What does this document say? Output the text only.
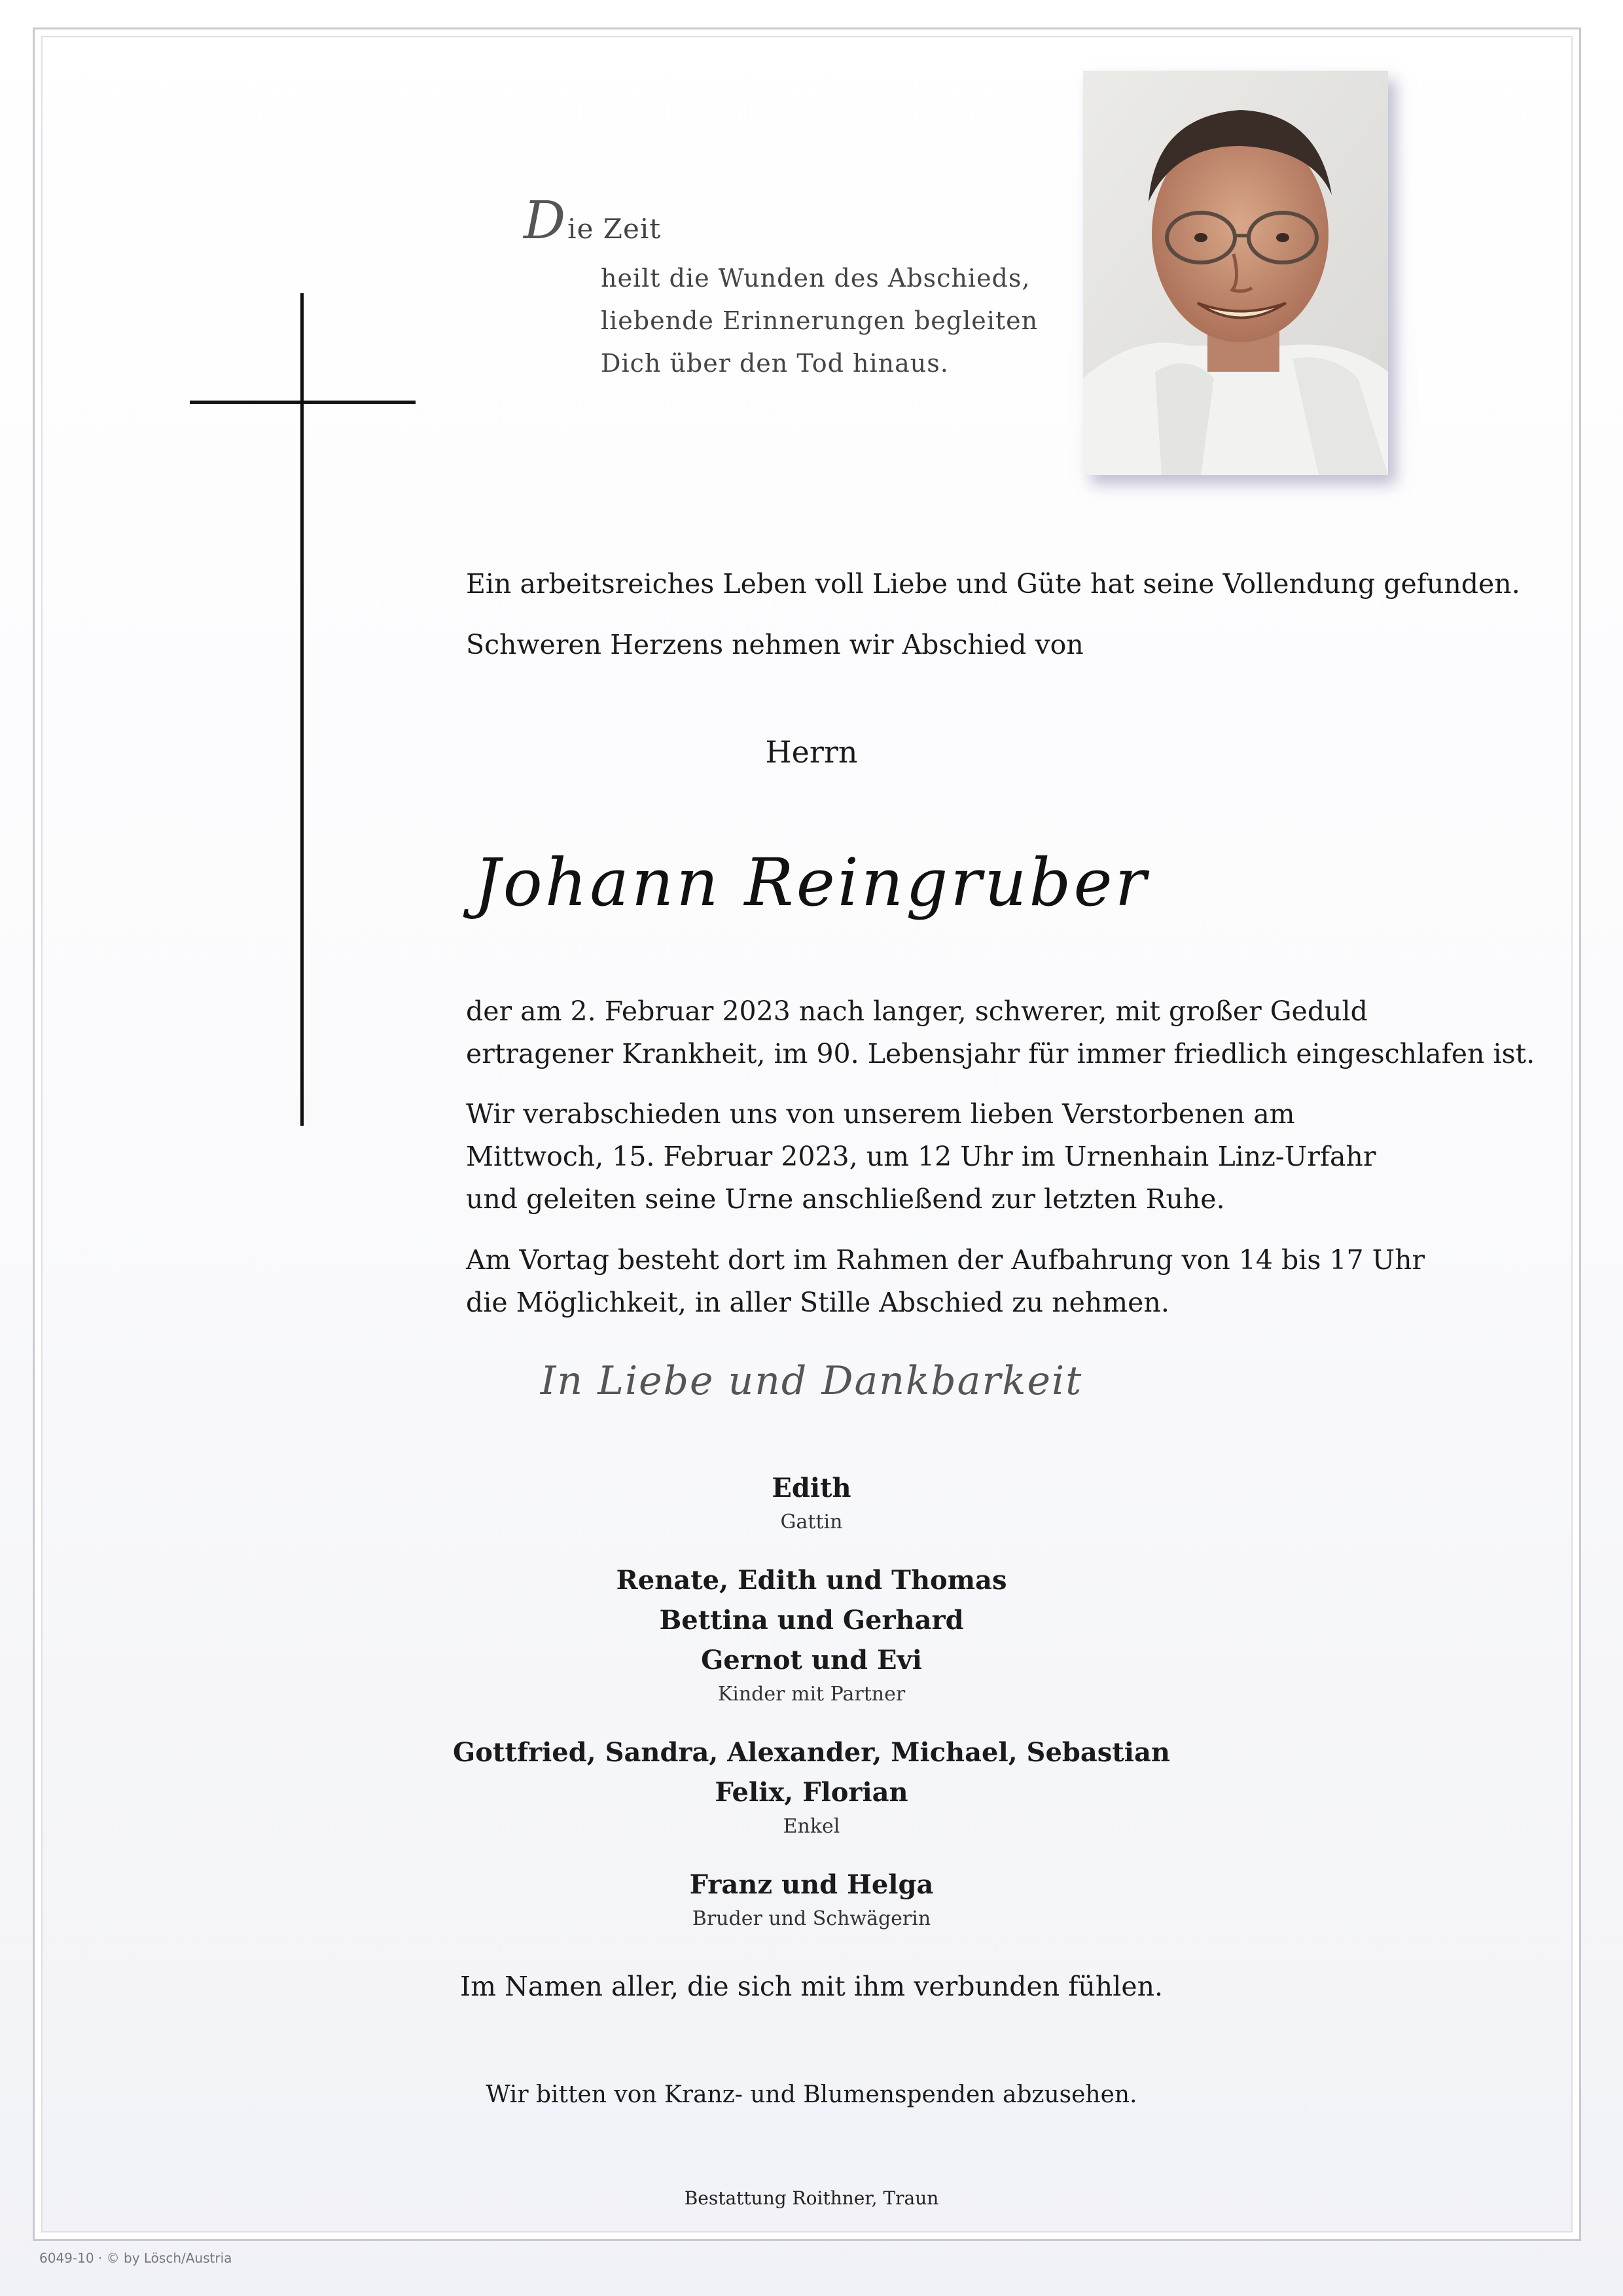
Die Zeit
heilt die Wunden des Abschieds,
liebende Erinnerungen begleiten
Dich über den Tod hinaus.
Ein arbeitsreiches Leben voll Liebe und Güte hat seine Vollendung gefunden.
Schweren Herzens nehmen wir Abschied von
Herrn
Johann Reingruber
der am 2. Februar 2023 nach langer, schwerer, mit großer Geduld
ertragener Krankheit, im 90. Lebensjahr für immer friedlich eingeschlafen ist.
Wir verabschieden uns von unserem lieben Verstorbenen am
Mittwoch, 15. Februar 2023, um 12 Uhr im Urnenhain Linz-Urfahr
und geleiten seine Urne anschließend zur letzten Ruhe.
Am Vortag besteht dort im Rahmen der Aufbahrung von 14 bis 17 Uhr
die Möglichkeit, in aller Stille Abschied zu nehmen.
In Liebe und Dankbarkeit
Edith
Gattin
Renate, Edith und Thomas
Bettina und Gerhard
Gernot und Evi
Kinder mit Partner
Gottfried, Sandra, Alexander, Michael, Sebastian
Felix, Florian
Enkel
Franz und Helga
Bruder und Schwägerin
Im Namen aller, die sich mit ihm verbunden fühlen.
Wir bitten von Kranz- und Blumenspenden abzusehen.
Bestattung Roithner, Traun
6049-10 · © by Lösch/Austria
